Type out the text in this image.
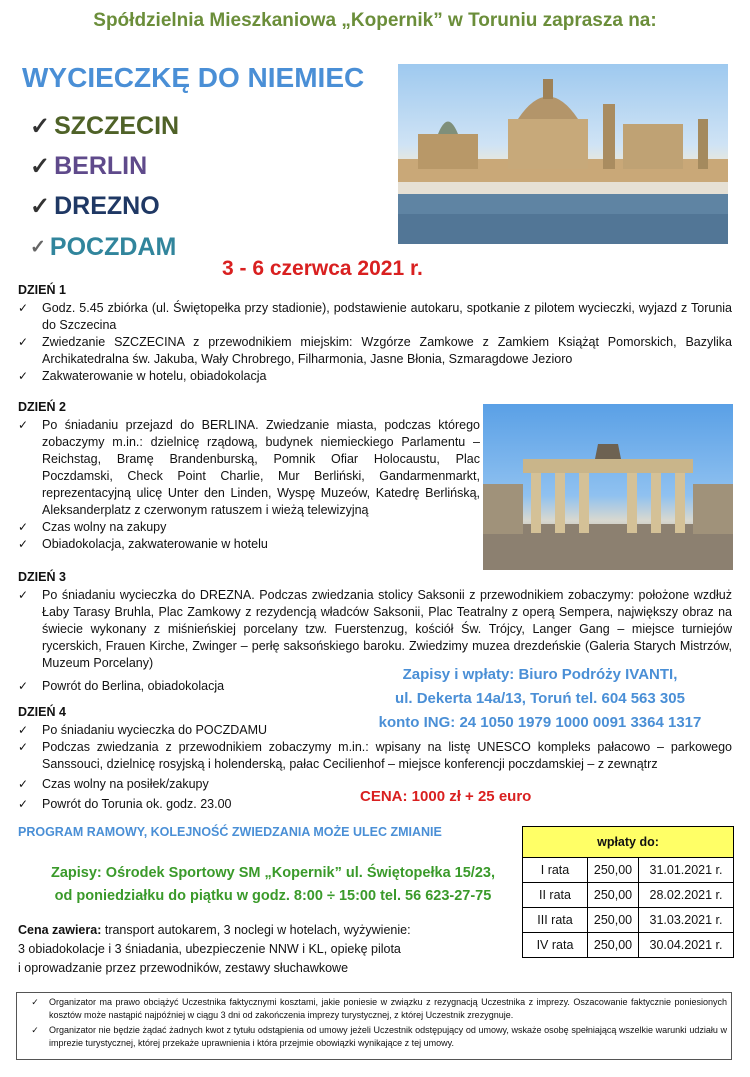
Spółdzielnia Mieszkaniowa „Kopernik” w Toruniu zaprasza na:
WYCIECZKĘ DO NIEMIEC
✓ SZCZECIN
✓ BERLIN
✓ DREZNO
✓ POCZDAM
3 - 6 czerwca 2021 r.
DZIEŃ 1
✓	Godz. 5.45 zbiórka (ul. Świętopełka przy stadionie), podstawienie autokaru, spotkanie z pilotem wycieczki, wyjazd z Torunia do Szczecina
✓	Zwiedzanie SZCZECINA z przewodnikiem miejskim: Wzgórze Zamkowe z Zamkiem Książąt Pomorskich, Bazylika Archikatedralna św. Jakuba, Wały Chrobrego, Filharmonia, Jasne Błonia, Szmaragdowe Jezioro
✓	Zakwaterowanie w hotelu, obiadokolacja
DZIEŃ 2
✓	Po śniadaniu przejazd do BERLINA. Zwiedzanie miasta, podczas którego zobaczymy m.in.: dzielnicę rządową, budynek niemieckiego Parlamentu – Reichstag, Bramę Brandenburską, Pomnik Ofiar Holocaustu, Plac Poczdamski, Check Point Charlie, Mur Berliński, Gandarmenmarkt, reprezentacyjną ulicę Unter den Linden, Wyspę Muzeów, Katedrę Berlińską, Aleksanderplatz z czerwonym ratuszem i wieżą telewizyjną
✓	Czas wolny na zakupy
✓	Obiadokolacja, zakwaterowanie w hotelu
DZIEŃ 3
✓	Po śniadaniu wycieczka do DREZNA. Podczas zwiedzania stolicy Saksonii z przewodnikiem zobaczymy: położone wzdłuż Łaby Tarasy Bruhla, Plac Zamkowy z rezydencją władców Saksonii, Plac Teatralny z operą Sempera, największy obraz na świecie wykonany z miśnieńskiej porcelany tzw. Fuerstenzug, kościół Św. Trójcy, Langer Gang – miejsce turniejów rycerskich, Frauen Kirche, Zwinger – perłę saksońskiego baroku. Zwiedzimy muzea drezdeńskie (Galeria Starych Mistrzów, Muzeum Porcelany)
✓	Powrót do Berlina, obiadokolacja
Zapisy i wpłaty: Biuro Podróży IVANTI,
ul. Dekerta 14a/13, Toruń tel. 604 563 305
konto ING: 24 1050 1979 1000 0091 3364 1317
DZIEŃ 4
✓	Po śniadaniu wycieczka do POCZDAMU
✓	Podczas zwiedzania z przewodnikiem zobaczymy m.in.: wpisany na listę UNESCO kompleks pałacowo – parkowego Sanssouci, dzielnicę rosyjską i holenderską, pałac Cecilienhof – miejsce konferencji poczdamskiej – z zewnątrz
✓	Czas wolny na posiłek/zakupy
✓	Powrót do Torunia ok. godz. 23.00	CENA: 1000 zł + 25 euro
PROGRAM RAMOWY, KOLEJNOŚĆ ZWIEDZANIA MOŻE ULEC ZMIANIE
Zapisy: Ośrodek Sportowy SM „Kopernik” ul. Świętopełka 15/23,
od poniedziałku do piątku w godz. 8:00 ÷ 15:00 tel. 56 623-27-75
Cena zawiera: transport autokarem, 3 noclegi w hotelach, wyżywienie:
3 obiadokolacje i 3 śniadania, ubezpieczenie NNW i KL, opiekę pilota
i oprowadzanie przez przewodników, zestawy słuchawkowe
wpłaty do:		
I rata	250,00	31.01.2021 r.
II rata	250,00	28.02.2021 r.
III rata	250,00	31.03.2021 r.
IV rata	250,00	30.04.2021 r.
✓	Organizator ma prawo obciążyć Uczestnika faktycznymi kosztami, jakie poniesie w związku z rezygnacją Uczestnika z imprezy. Oszacowanie faktycznie poniesionych kosztów może nastąpić najpóźniej w ciągu 3 dni od zakończenia imprezy turystycznej, z której Uczestnik zrezygnuje.
✓	Organizator nie będzie żądać żadnych kwot z tytułu odstąpienia od umowy jeżeli Uczestnik odstępujący od umowy, wskaże osobę spełniającą wszelkie warunki udziału w imprezie turystycznej, której przekaże uprawnienia i która przejmie obowiązki wynikające z tej umowy.
